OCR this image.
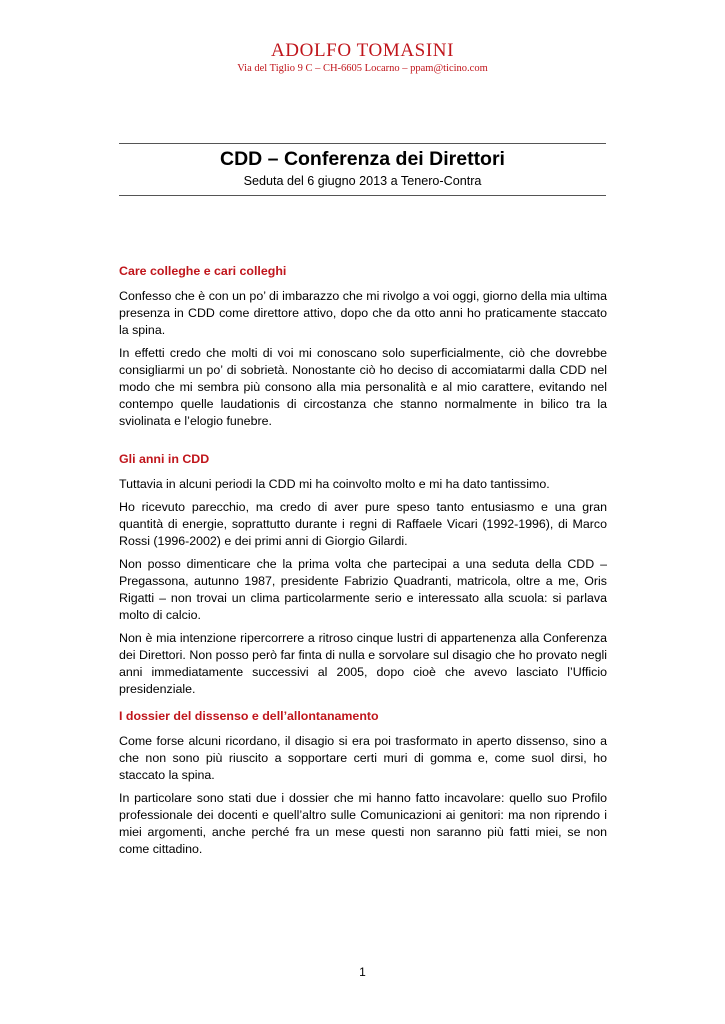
ADOLFO TOMASINI
Via del Tiglio 9 C – CH-6605 Locarno – ppam@ticino.com
CDD – Conferenza dei Direttori
Seduta del 6 giugno 2013 a Tenero-Contra
Care colleghe e cari colleghi
Confesso che è con un po’ di imbarazzo che mi rivolgo a voi oggi, giorno della mia ultima presenza in CDD come direttore attivo, dopo che da otto anni ho praticamente staccato la spina.
In effetti credo che molti di voi mi conoscano solo superficialmente, ciò che dovrebbe consigliarmi un po’ di sobrietà. Nonostante ciò ho deciso di accomiatarmi dalla CDD nel modo che mi sembra più consono alla mia personalità e al mio carattere, evitando nel contempo quelle laudationis di circostanza che stanno normalmente in bilico tra la sviolinata e l’elogio funebre.
Gli anni in CDD
Tuttavia in alcuni periodi la CDD mi ha coinvolto molto e mi ha dato tantissimo.
Ho ricevuto parecchio, ma credo di aver pure speso tanto entusiasmo e una gran quantità di energie, soprattutto durante i regni di Raffaele Vicari (1992-1996), di Marco Rossi (1996-2002) e dei primi anni di Giorgio Gilardi.
Non posso dimenticare che la prima volta che partecipai a una seduta della CDD – Pregassona, autunno 1987, presidente Fabrizio Quadranti, matricola, oltre a me, Oris Rigatti – non trovai un clima particolarmente serio e interessato alla scuola: si parlava molto di calcio.
Non è mia intenzione ripercorrere a ritroso cinque lustri di appartenenza alla Conferenza dei Direttori. Non posso però far finta di nulla e sorvolare sul disagio che ho provato negli anni immediatamente successivi al 2005, dopo cioè che avevo lasciato l’Ufficio presidenziale.
I dossier del dissenso e dell’allontanamento
Come forse alcuni ricordano, il disagio si era poi trasformato in aperto dissenso, sino a che non sono più riuscito a sopportare certi muri di gomma e, come suol dirsi, ho staccato la spina.
In particolare sono stati due i dossier che mi hanno fatto incavolare: quello suo Profilo professionale dei docenti e quell’altro sulle Comunicazioni ai genitori: ma non riprendo i miei argomenti, anche perché fra un mese questi non saranno più fatti miei, se non come cittadino.
1
